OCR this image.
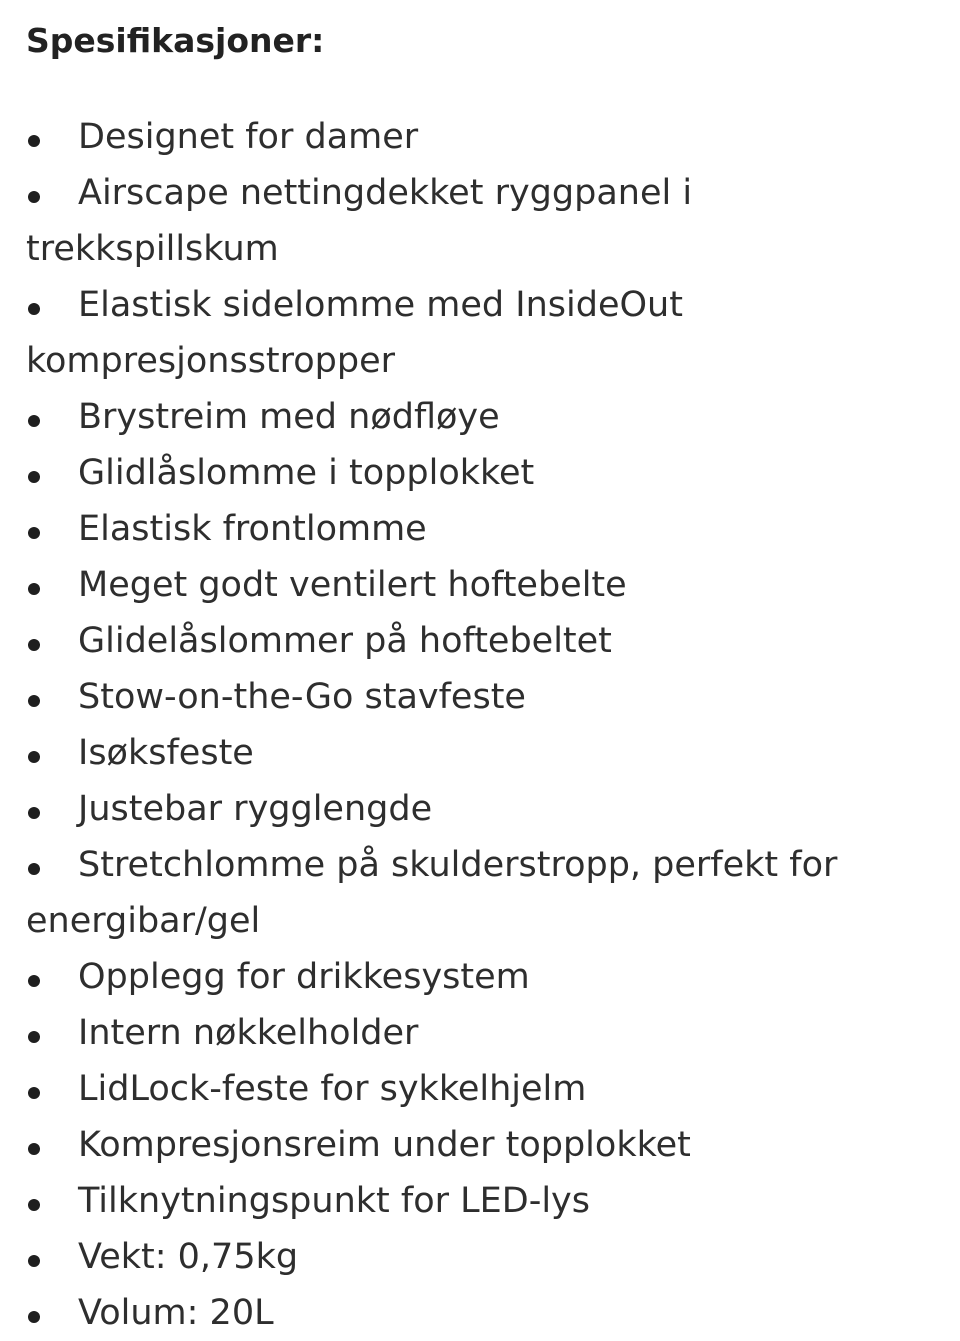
Spesifikasjoner:
Designet for damer
Airscape nettingdekket ryggpanel i trekkspillskum
Elastisk sidelomme med InsideOut kompresjonsstropper
Brystreim med nødfløye
Glidlåslomme i topplokket
Elastisk frontlomme
Meget godt ventilert hoftebelte
Glidelåslommer på hoftebeltet
Stow-on-the-Go stavfeste
Isøksfeste
Justebar rygglengde
Stretchlomme på skulderstropp, perfekt for energibar/gel
Opplegg for drikkesystem
Intern nøkkelholder
LidLock-feste for sykkelhjelm
Kompresjonsreim under topplokket
Tilknytningspunkt for LED-lys
Vekt: 0,75kg
Volum: 20L
